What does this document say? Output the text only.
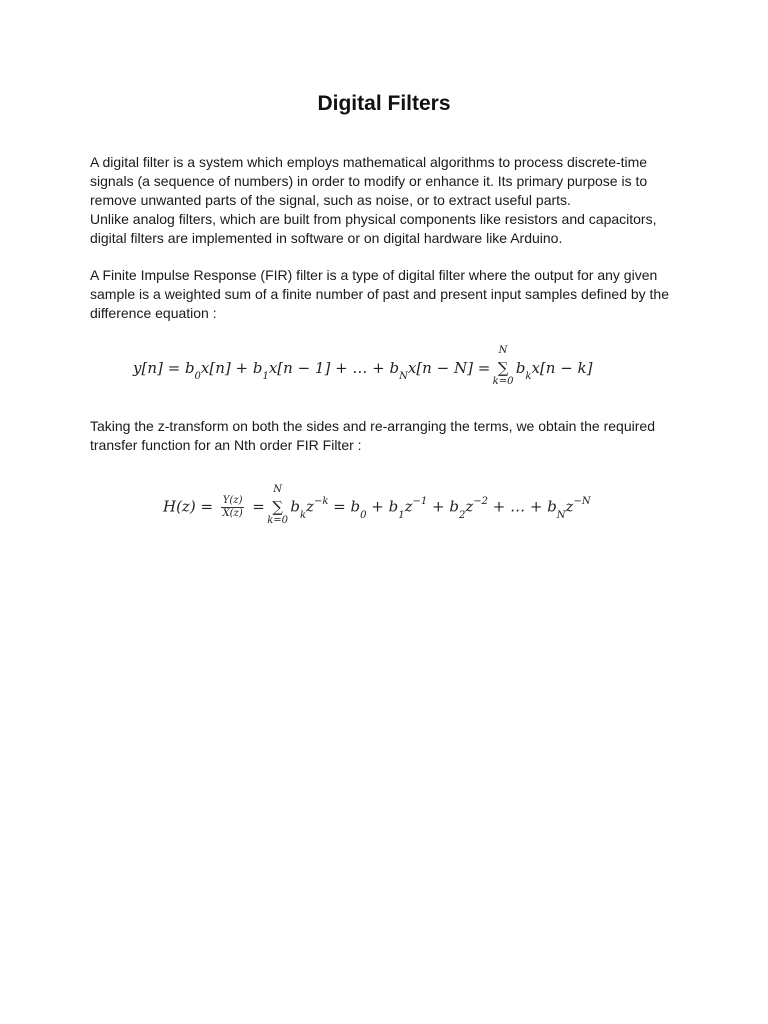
Digital Filters
A digital filter is a system which employs mathematical algorithms to process discrete-time
signals (a sequence of numbers) in order to modify or enhance it. Its primary purpose is to
remove unwanted parts of the signal, such as noise, or to extract useful parts.
Unlike analog filters, which are built from physical components like resistors and capacitors,
digital filters are implemented in software or on digital hardware like Arduino.
A Finite Impulse Response (FIR) filter is a type of digital filter where the output for any given
sample is a weighted sum of a finite number of past and present input samples defined by the
difference equation :
$y[n] = b_0x[n] + b_1x[n - 1]$ + … + $b_Nx[n - N]$ = ∑
N
k=0
$b_kx[n - k]$
Taking the z-transform on both the sides and re-arranging the terms, we obtain the required
transfer function for an Nth order FIR Filter :
$H(z) = \frac{Y(z)}{X(z)}$ = ∑
N
k=0
$b_kz^{-k} = b_0 + b_1z^{-1} + b_2z^{-2}$ + … + $b_Nz^{-N}$
